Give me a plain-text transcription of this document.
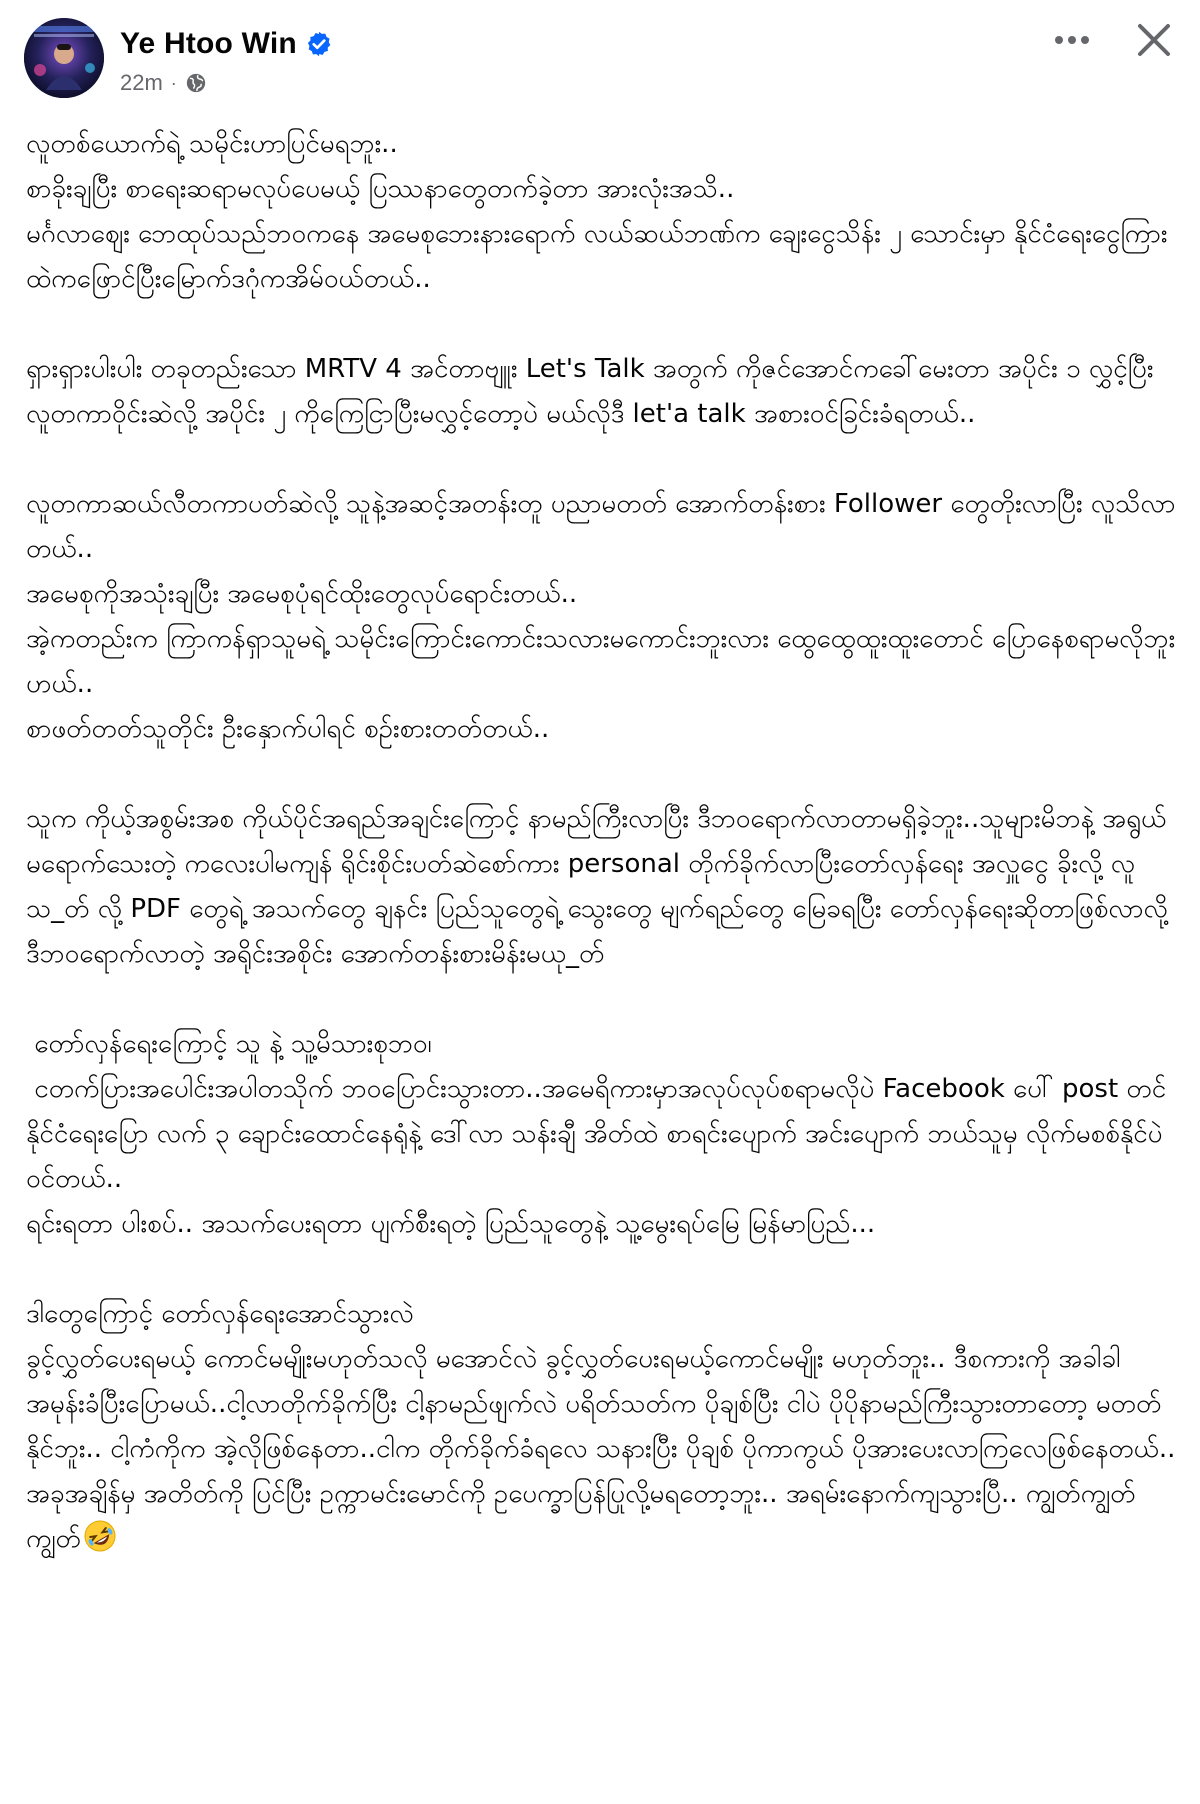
Ye Htoo Win
22m ·

လူတစ်ယောက်ရဲ့ သမိုင်းဟာပြင်မရဘူး..
စာခိုးချပြီး စာရေးဆရာမလုပ်ပေမယ့် ပြဿနာတွေတက်ခဲ့တာ အားလုံးအသိ..
မင်္ဂလာဈေး ဘေထုပ်သည်ဘဝကနေ အမေစုဘေးနားရောက် လယ်ဆယ်ဘဏ်က ချေးငွေသိန်း ၂ သောင်းမှာ နိုင်ငံရေးငွေကြားထဲကဖြောင်ပြီးမြောက်ဒဂုံကအိမ်ဝယ်တယ်..

ရှားရှားပါးပါး တခုတည်းသော MRTV 4 အင်တာဗျူး Let's Talk အတွက် ကိုဇင်အောင်ကခေါ်မေးတာ အပိုင်း ၁ လွှင့်ပြီး လူတကာဝိုင်းဆဲလို့ အပိုင်း ၂ ကိုကြေငြာပြီးမလွှင့်တော့ပဲ မယ်လိုဒီ let'a talk အစားဝင်ခြင်းခံရတယ်..

လူတကာဆယ်လီတကာပတ်ဆဲလို့ သူနဲ့အဆင့်အတန်းတူ ပညာမတတ် အောက်တန်းစား Follower တွေတိုးလာပြီး လူသိလာတယ်..
အမေစုကိုအသုံးချပြီး အမေစုပုံရင်ထိုးတွေလုပ်ရောင်းတယ်..
အဲ့ကတည်းက ကြာကန်ရှာသူမရဲ့ သမိုင်းကြောင်းကောင်းသလားမကောင်းဘူးလား ထွေထွေထူးထူးတောင် ပြောနေစရာမလိုဘူးဟယ်..
စာဖတ်တတ်သူတိုင်း ဦးနှောက်ပါရင် စဥ်းစားတတ်တယ်..

သူက ကိုယ့်အစွမ်းအစ ကိုယ်ပိုင်အရည်အချင်းကြောင့် နာမည်ကြီးလာပြီး ဒီဘဝရောက်လာတာမရှိခဲ့ဘူး..သူများမိဘနဲ့ အရွယ်မရောက်သေးတဲ့ ကလေးပါမကျန် ရိုင်းစိုင်းပတ်ဆဲစော်ကား personal တိုက်ခိုက်လာပြီးတော်လှန်ရေး အလှူငွေ ခိုးလို့ လူ သ_တ် လို့ PDF တွေရဲ့ အသက်တွေ ချနင်း ပြည်သူတွေရဲ့ သွေးတွေ မျက်ရည်တွေ မြေခရပြီး တော်လှန်ရေးဆိုတာဖြစ်လာလို့ ဒီဘဝရောက်လာတဲ့ အရိုင်းအစိုင်း အောက်တန်းစားမိန်းမယု_တ်

တော်လှန်ရေးကြောင့် သူ နဲ့ သူ့မိသားစုဘဝ၊
ငတက်ပြားအပေါင်းအပါတသိုက် ဘဝပြောင်းသွားတာ..အမေရိကားမှာအလုပ်လုပ်စရာမလိုပဲ Facebook ပေါ် post တင်နိုင်ငံရေးပြော လက် ၃ ချောင်းထောင်နေရုံနဲ့ ဒေါ်လာ သန်းချီ အိတ်ထဲ စာရင်းပျောက် အင်းပျောက် ဘယ်သူမှ လိုက်မစစ်နိုင်ပဲဝင်တယ်..
ရင်းရတာ ပါးစပ်.. အသက်ပေးရတာ ပျက်စီးရတဲ့ ပြည်သူတွေနဲ့ သူ့မွေးရပ်မြေ မြန်မာပြည်...

ဒါတွေကြောင့် တော်လှန်ရေးအောင်သွားလဲ
ခွင့်လွှတ်ပေးရမယ့် ကောင်မမျိုးမဟုတ်သလို မအောင်လဲ ခွင့်လွှတ်ပေးရမယ့်ကောင်မမျိုး မဟုတ်ဘူး.. ဒီစကားကို အခါခါ အမုန်းခံပြီးပြောမယ်..ငါ့လာတိုက်ခိုက်ပြီး ငါ့နာမည်ဖျက်လဲ ပရိတ်သတ်က ပိုချစ်ပြီး ငါပဲ ပိုပိုနာမည်ကြီးသွားတာတော့ မတတ်နိုင်ဘူး.. ငါ့ကံကိုက အဲ့လိုဖြစ်နေတာ..ငါက တိုက်ခိုက်ခံရလေ သနားပြီး ပိုချစ် ပိုကာကွယ် ပိုအားပေးလာကြလေဖြစ်နေတယ်.. အခုအချိန်မှ အတိတ်ကို ပြင်ပြီး ဥက္ကာမင်းမောင်ကို ဥပေက္ခာပြန်ပြုလို့မရတော့ဘူး.. အရမ်းနောက်ကျသွားပြီ.. ကျွတ်ကျွတ်ကျွတ်
